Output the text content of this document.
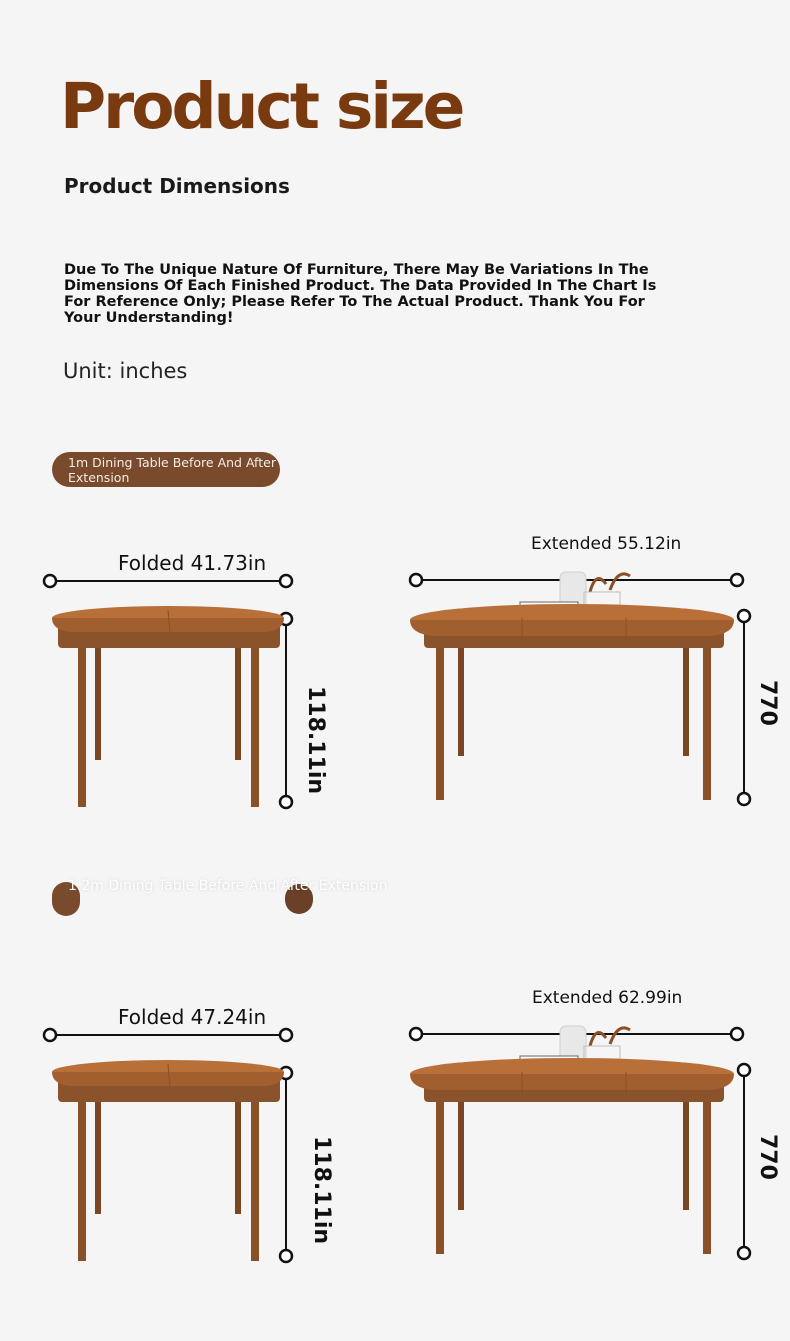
Product size
Product Dimensions
Due To The Unique Nature Of Furniture, There May Be Variations In The Dimensions Of Each Finished Product. The Data Provided In The Chart Is For Reference Only; Please Refer To The Actual Product. Thank You For Your Understanding!
Unit: inches
1m Dining Table Before And After Extension
Folded 41.73in
118.11in
Extended 55.12in
770
1.2m Dining Table Before And After Extension
Folded 47.24in
118.11in
Extended 62.99in
770
